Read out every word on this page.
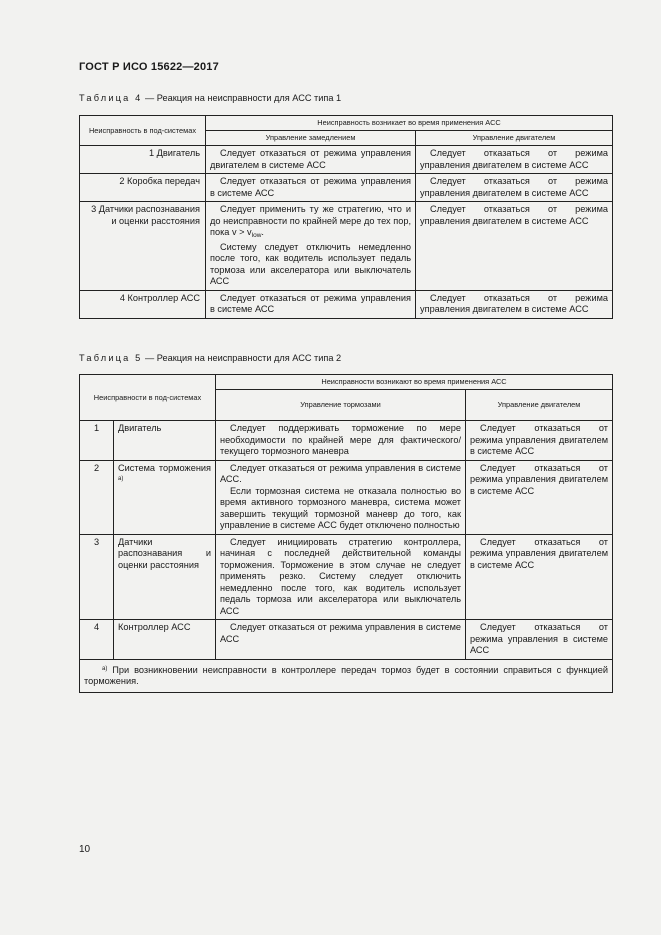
ГОСТ Р ИСО 15622—2017
Таблица 4 — Реакция на неисправности для АСС типа 1
Неисправность в под-системах	Неисправность возникает во время применения АСС	
	Управление замедлением	Управление двигателем
1 Двигатель	Следует отказаться от режима управления двигателем в системе АСС	Следует отказаться от режима управления двигателем в системе АСС
2 Коробка передач	Следует отказаться от режима управления в системе АСС	Следует отказаться от режима управления двигателем в системе АСС
3 Датчики распознавания и оценки расстояния	Следует применить ту же стратегию, что и до неисправности по крайней мере до тех пор, пока $v > v_{low}$.
Систему следует отключить немедленно после того, как водитель использует педаль тормоза или акселератора или выключатель АСС	Следует отказаться от режима управления двигателем в системе АСС
4 Контроллер АСС	Следует отказаться от режима управления в системе АСС	Следует отказаться от режима управления двигателем в системе АСС
Таблица 5 — Реакция на неисправности для АСС типа 2
Неисправности в под-системах		Неисправности возникают во время применения АСС	
		Управление тормозами	Управление двигателем
1	Двигатель	Следует поддерживать торможение по мере необходимости по крайней мере для фактического/текущего тормозного маневра	Следует отказаться от режима управления двигателем в системе АСС
2	Система торможения $^{а)}$	Следует отказаться от режима управления в системе АСС.
Если тормозная система не отказала полностью во время активного тормозного маневра, система может завершить текущий тормозной маневр до того, как управление в системе АСС будет отключено полностью	Следует отказаться от режима управления двигателем в системе АСС
3	Датчики распознавания и оценки расстояния	Следует инициировать стратегию контроллера, начиная с последней действительной команды торможения. Торможение в этом случае не следует применять резко. Систему следует отключить немедленно после того, как водитель использует педаль тормоза или акселератора или выключатель АСС	Следует отказаться от режима управления двигателем в системе АСС
4	Контроллер АСС	Следует отказаться от режима управления в системе АСС	Следует отказаться от режима управления в системе АСС
$^{а)}$ При возникновении неисправности в контроллере передач тормоз будет в состоянии справиться с функцией торможения.			
10
